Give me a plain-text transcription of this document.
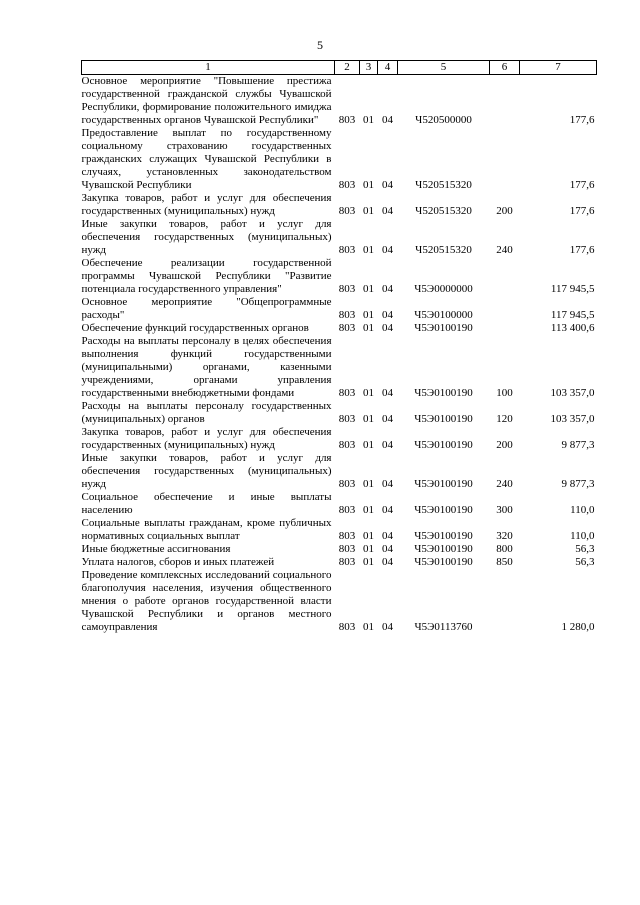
5
1	2	3	4	5	6	7
Основное мероприятие "Повышение престижа государственной гражданской службы Чувашской Республики, формирование положительного имиджа государственных органов Чувашской Республики"	803	01	04	Ч520500000		177,6
Предоставление выплат по государственному социальному страхованию государственных гражданских служащих Чувашской Республики в случаях, установленных законодательством Чувашской Республики	803	01	04	Ч520515320		177,6
Закупка товаров, работ и услуг для обеспечения государственных (муниципальных) нужд	803	01	04	Ч520515320	200	177,6
Иные закупки товаров, работ и услуг для обеспечения государственных (муниципальных) нужд	803	01	04	Ч520515320	240	177,6
Обеспечение реализации государственной программы Чувашской Республики "Развитие потенциала государственного управления"	803	01	04	Ч5Э0000000		117 945,5
Основное мероприятие "Общепрограммные расходы"	803	01	04	Ч5Э0100000		117 945,5
Обеспечение функций государственных органов	803	01	04	Ч5Э0100190		113 400,6
Расходы на выплаты персоналу в целях обеспечения выполнения функций государственными (муниципальными) органами, казенными учреждениями, органами управления государственными внебюджетными фондами	803	01	04	Ч5Э0100190	100	103 357,0
Расходы на выплаты персоналу государственных (муниципальных) органов	803	01	04	Ч5Э0100190	120	103 357,0
Закупка товаров, работ и услуг для обеспечения государственных (муниципальных) нужд	803	01	04	Ч5Э0100190	200	9 877,3
Иные закупки товаров, работ и услуг для обеспечения государственных (муниципальных) нужд	803	01	04	Ч5Э0100190	240	9 877,3
Социальное обеспечение и иные выплаты населению	803	01	04	Ч5Э0100190	300	110,0
Социальные выплаты гражданам, кроме публичных нормативных социальных выплат	803	01	04	Ч5Э0100190	320	110,0
Иные бюджетные ассигнования	803	01	04	Ч5Э0100190	800	56,3
Уплата налогов, сборов и иных платежей	803	01	04	Ч5Э0100190	850	56,3
Проведение комплексных исследований социального благополучия населения, изучения общественного мнения о работе органов государственной власти Чувашской Республики и органов местного самоуправления	803	01	04	Ч5Э0113760		1 280,0
